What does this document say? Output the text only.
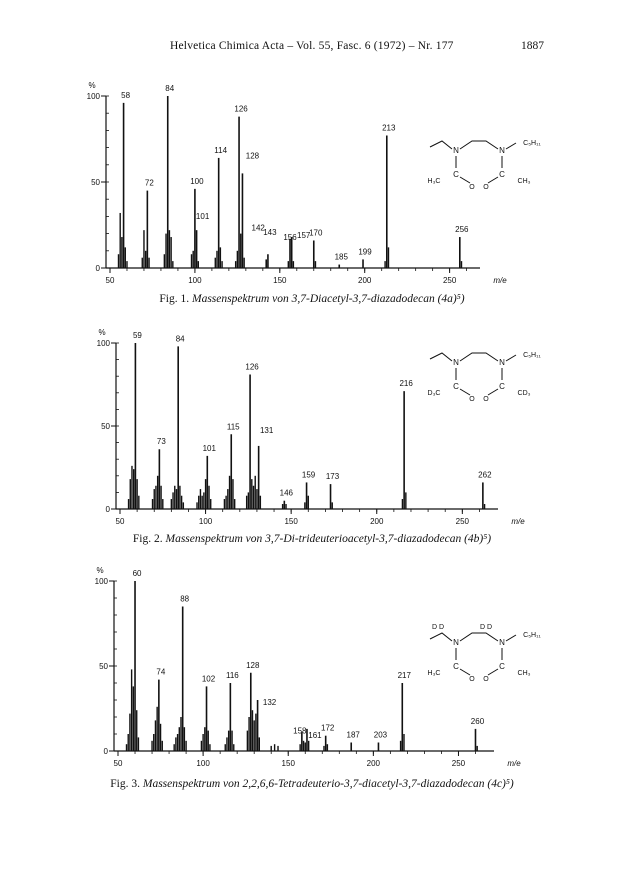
Helvetica Chimica Acta – Vol. 55, Fasc. 6 (1972) – Nr. 177	1887
0
50
100
%
50	100	150	200	250	m/e
58
72
84
100
101
114
126
128
142
143
156 157
170
185
199
213
256
N	N
C₅H₁₁
C	C
H₃C
O O
CH₃
Fig. 1. Massenspektrum von 3,7-Diacetyl-3,7-diazadodecan (4a)⁵)
0
50
100
%
50	100	150	200	250	m/e
59
73
84
101
115
126
131
146
159 173
216
262
N	N
C₅H₁₁
C	C
D₃C
O O
CD₃
Fig. 2. Massenspektrum von 3,7-Di-trideuterioacetyl-3,7-diazadodecan (4b)⁵)
0
50
100
%
50	100	150	200	250	m/e
60
74
88
102 116
128
132
158
161
172
187 203
217
260
N	N
C₅H₁₁
C	C
H₃C
O O
CH₃
D D	D D
Fig. 3. Massenspektrum von 2,2,6,6-Tetradeuterio-3,7-diacetyl-3,7-diazadodecan (4c)⁵)
